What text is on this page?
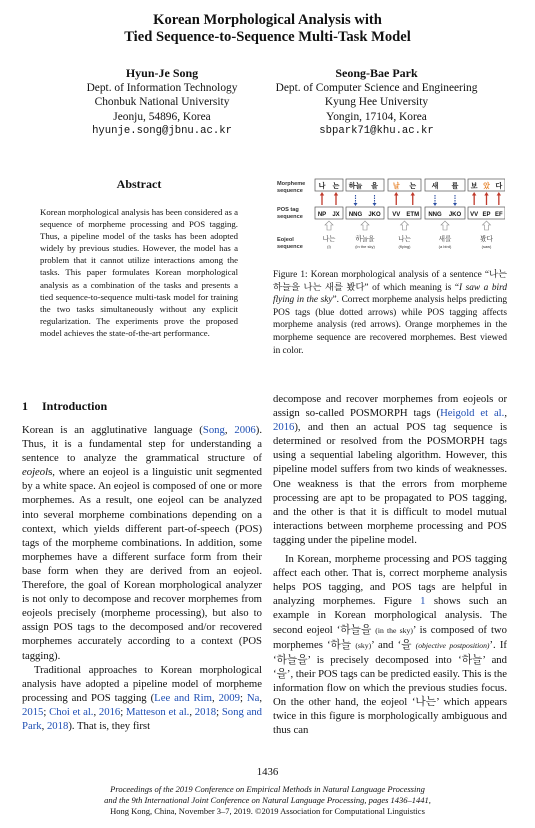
Korean Morphological Analysis with
Tied Sequence-to-Sequence Multi-Task Model
Hyun-Je Song
Dept. of Information Technology
Chonbuk National University
Jeonju, 54896, Korea
hyunje.song@jbnu.ac.kr
Seong-Bae Park
Dept. of Computer Science and Engineering
Kyung Hee University
Yongin, 17104, Korea
sbpark71@khu.ac.kr
Abstract

Korean morphological analysis has been considered as a sequence of morpheme processing and POS tagging. Thus, a pipeline model of the tasks has been adopted widely by previous studies. However, the model has a problem that it cannot utilize interactions among the tasks. This paper formulates Korean morphological analysis as a combination of the tasks and presents a tied sequence-to-sequence multi-task model for training the two tasks simultaneously without any explicit regularization. The experiments prove the proposed model achieves the state-of-the-art performance.

Morpheme
sequence
POS tag
sequence
Eojeol
sequence
나
NP
는
JX
나는
(I)
하늘
NNG
을
JKO
하늘을
(in the sky)
날
VV
는
ETM
나는
(flying)
새
NNG
를
JKO
새를
(a bird)
보
VV
았
EP
다
EF
봤다
(saw)
Figure 1: Korean morphological analysis of a sentence “나는 하늘을 나는 새를 봤다” of which meaning is “I saw a bird flying in the sky”. Correct morpheme analysis helps predicting POS tags (blue dotted arrows) while POS tagging affects morpheme analysis (red arrows). Orange morphemes in the morpheme sequence are recovered morphemes. Best viewed in color.
1 Introduction

Korean is an agglutinative language (Song, 2006). Thus, it is a fundamental step for understanding a sentence to analyze the grammatical structure of eojeols, where an eojeol is a linguistic unit segmented by a white space. An eojeol is composed of one or more morphemes. As a result, one eojeol can be analyzed into several morpheme combinations depending on a context, which yields different part-of-speech (POS) tags of the morpheme combinations. In addition, some morphemes have a different surface form from their base form when they are derived from an eojeol. Therefore, the goal of Korean morphological analyzer is not only to decompose and recover morphemes from eojeols precisely (morpheme processing), but also to assign POS tags to the decomposed and/or recovered morphemes accurately according to a context (POS tagging).

Traditional approaches to Korean morphological analysis have adopted a pipeline model of morpheme processing and POS tagging (Lee and Rim, 2009; Na, 2015; Choi et al., 2016; Matteson et al., 2018; Song and Park, 2018). That is, they first

decompose and recover morphemes from eojeols or assign so-called POSMORPH tags (Heigold et al., 2016), and then an actual POS tag sequence is determined or resolved from the POSMORPH tags using a sequential labeling algorithm. However, this pipeline model suffers from two kinds of weaknesses. One weakness is that the errors from morpheme processing are apt to be propagated to POS tagging, and the other is that it is difficult to model mutual interactions between morpheme processing and POS tagging under the pipeline model.

In Korean, morpheme processing and POS tagging affect each other. That is, correct morpheme analysis helps POS tagging, and POS tags are helpful in analyzing morphemes. Figure 1 shows such an example in Korean morphological analysis. The second eojeol ‘하늘을 (in the sky)’ is composed of two morphemes ‘하늘 (sky)’ and ‘을 (objective postposition)’. If ‘하늘을’ is precisely decomposed into ‘하늘’ and ‘을’, their POS tags can be predicted easily. This is the information flow on which the previous studies focus. On the other hand, the eojeol ‘나는’ which appears twice in this figure is morphologically ambiguous and thus can

1436
Proceedings of the 2019 Conference on Empirical Methods in Natural Language Processing
and the 9th International Joint Conference on Natural Language Processing, pages 1436–1441,
Hong Kong, China, November 3–7, 2019. ©2019 Association for Computational Linguistics
